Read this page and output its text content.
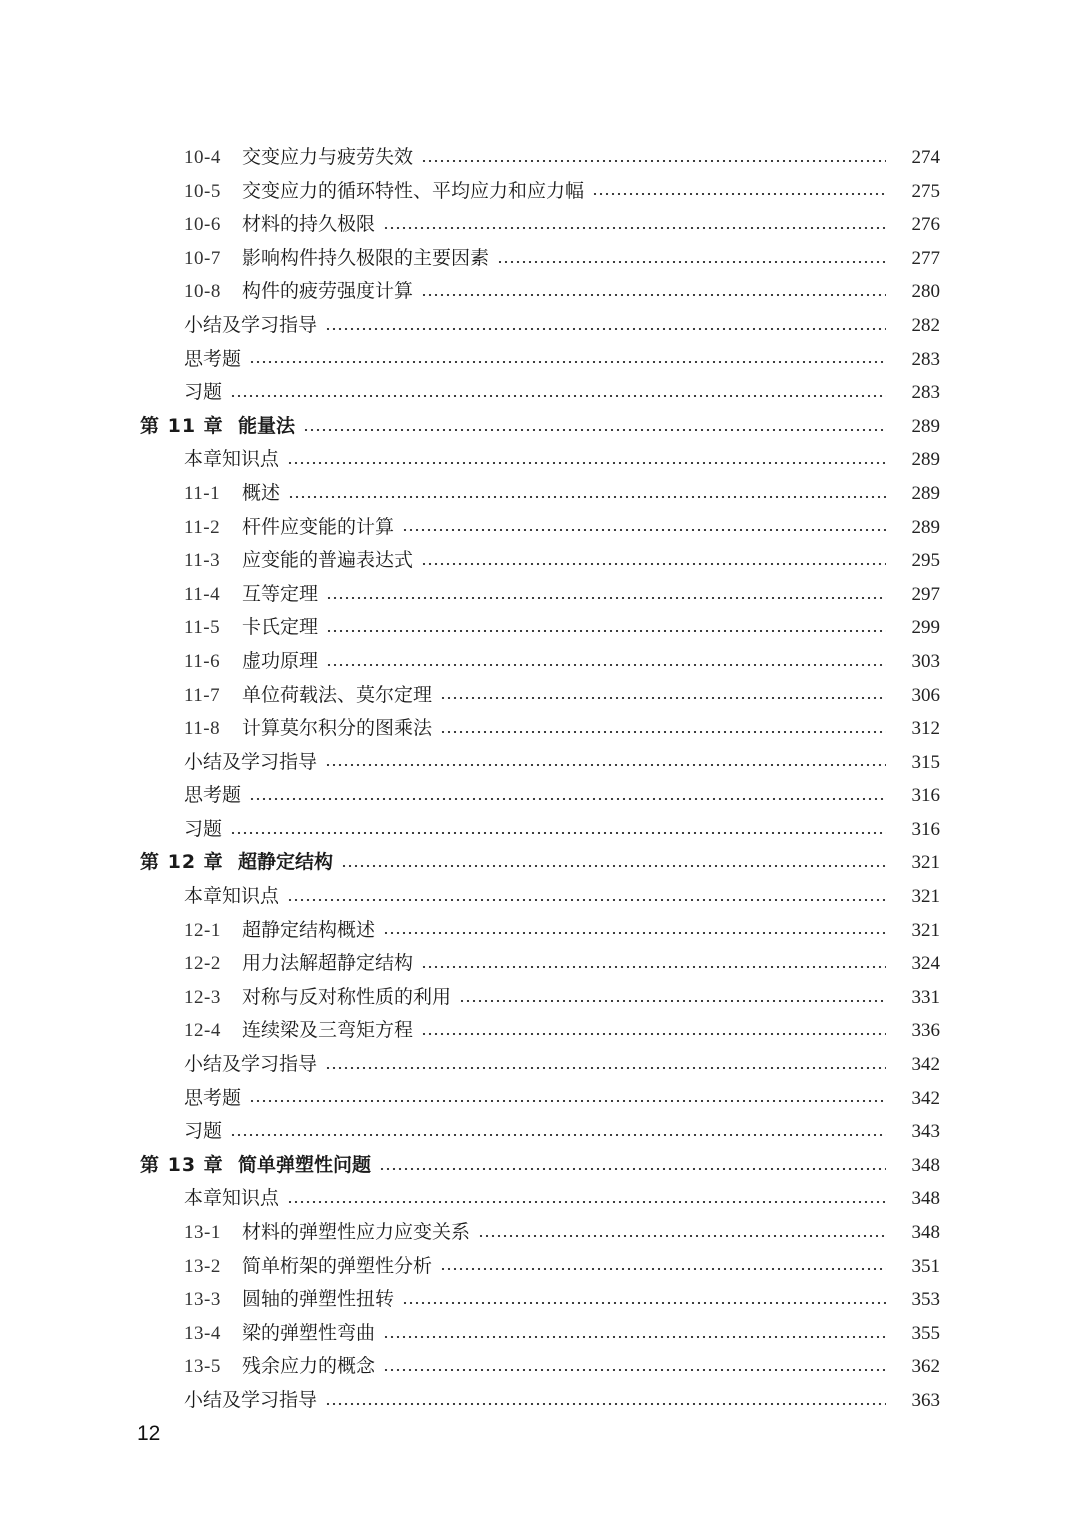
10-4	交变应力与疲劳失效	274
10-5	交变应力的循环特性、平均应力和应力幅	275
10-6	材料的持久极限	276
10-7	影响构件持久极限的主要因素	277
10-8	构件的疲劳强度计算	280
小结及学习指导	282
思考题	283
习题	283
第 11 章 能量法	289
本章知识点	289
11-1	概述	289
11-2	杆件应变能的计算	289
11-3	应变能的普遍表达式	295
11-4	互等定理	297
11-5	卡氏定理	299
11-6	虚功原理	303
11-7	单位荷载法、莫尔定理	306
11-8	计算莫尔积分的图乘法	312
小结及学习指导	315
思考题	316
习题	316
第 12 章 超静定结构	321
本章知识点	321
12-1	超静定结构概述	321
12-2	用力法解超静定结构	324
12-3	对称与反对称性质的利用	331
12-4	连续梁及三弯矩方程	336
小结及学习指导	342
思考题	342
习题	343
第 13 章 简单弹塑性问题	348
本章知识点	348
13-1	材料的弹塑性应力应变关系	348
13-2	简单桁架的弹塑性分析	351
13-3	圆轴的弹塑性扭转	353
13-4	梁的弹塑性弯曲	355
13-5	残余应力的概念	362
小结及学习指导	363
12
